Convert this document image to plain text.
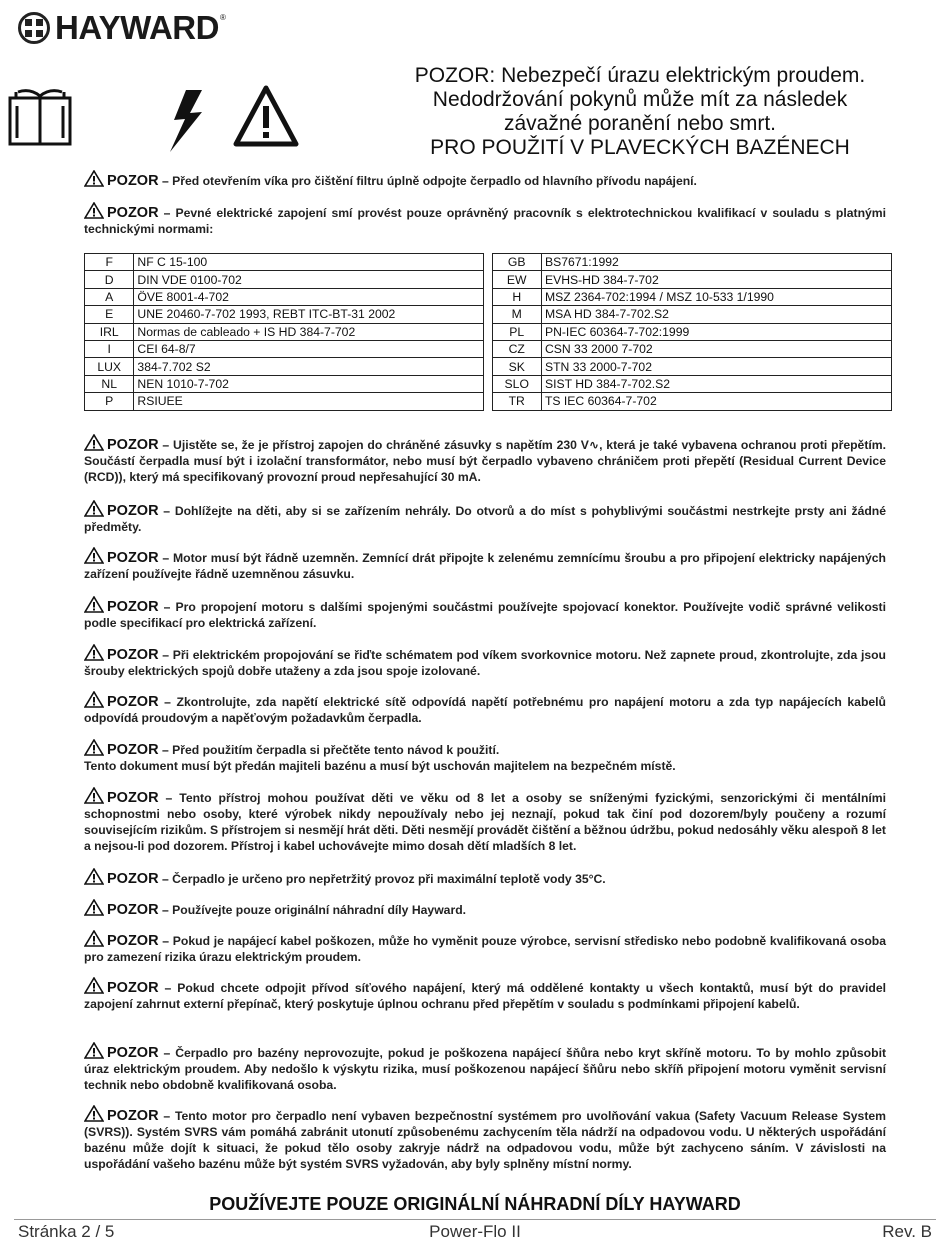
HAYWARD ®
POZOR: Nebezpečí úrazu elektrickým proudem.
Nedodržování pokynů může mít za následek
závažné poranění nebo smrt.
PRO POUŽITÍ V PLAVECKÝCH BAZÉNECH
POZOR – Před otevřením víka pro čištění filtru úplně odpojte čerpadlo od hlavního přívodu napájení.
POZOR – Pevné elektrické zapojení smí provést pouze oprávněný pracovník s elektrotechnickou kvalifikací v souladu s platnými technickými normami:
F	NF C 15-100		GB	BS7671:1992
D	DIN VDE 0100-702		EW	EVHS-HD 384-7-702
A	ÖVE 8001-4-702		H	MSZ 2364-702:1994 / MSZ 10-533 1/1990
E	UNE 20460-7-702 1993, REBT ITC-BT-31 2002		M	MSA HD 384-7-702.S2
IRL	Normas de cableado + IS HD 384-7-702		PL	PN-IEC 60364-7-702:1999
I	CEI 64-8/7		CZ	CSN 33 2000 7-702
LUX	384-7.702 S2		SK	STN 33 2000-7-702
NL	NEN 1010-7-702		SLO	SIST HD 384-7-702.S2
P	RSIUEE		TR	TS IEC 60364-7-702
POZOR – Ujistěte se, že je přístroj zapojen do chráněné zásuvky s napětím 230 V∿, která je také vybavena ochranou proti přepětím. Součástí čerpadla musí být i izolační transformátor, nebo musí být čerpadlo vybaveno chráničem proti přepětí (Residual Current Device (RCD)), který má specifikovaný provozní proud nepřesahující 30 mA.
POZOR – Dohlížejte na děti, aby si se zařízením nehrály. Do otvorů a do míst s pohyblivými součástmi nestrkejte prsty ani žádné předměty.
POZOR – Motor musí být řádně uzemněn. Zemnící drát připojte k zelenému zemnícímu šroubu a pro připojení elektricky napájených zařízení používejte řádně uzemněnou zásuvku.
POZOR – Pro propojení motoru s dalšími spojenými součástmi používejte spojovací konektor. Používejte vodič správné velikosti podle specifikací pro elektrická zařízení.
POZOR – Při elektrickém propojování se řiďte schématem pod víkem svorkovnice motoru. Než zapnete proud, zkontrolujte, zda jsou šrouby elektrických spojů dobře utaženy a zda jsou spoje izolované.
POZOR – Zkontrolujte, zda napětí elektrické sítě odpovídá napětí potřebnému pro napájení motoru a zda typ napájecích kabelů odpovídá proudovým a napěťovým požadavkům čerpadla.
POZOR – Před použitím čerpadla si přečtěte tento návod k použití.
Tento dokument musí být předán majiteli bazénu a musí být uschován majitelem na bezpečném místě.
POZOR – Tento přístroj mohou používat děti ve věku od 8 let a osoby se sníženými fyzickými, senzorickými či mentálními schopnostmi nebo osoby, které výrobek nikdy nepoužívaly nebo jej neznají, pokud tak činí pod dozorem/byly poučeny a rozumí souvisejícím rizikům. S přístrojem si nesmějí hrát děti. Děti nesmějí provádět čištění a běžnou údržbu, pokud nedosáhly věku alespoň 8 let a nejsou-li pod dozorem. Přístroj i kabel uchovávejte mimo dosah dětí mladších 8 let.
POZOR – Čerpadlo je určeno pro nepřetržitý provoz při maximální teplotě vody 35°C.
POZOR – Používejte pouze originální náhradní díly Hayward.
POZOR – Pokud je napájecí kabel poškozen, může ho vyměnit pouze výrobce, servisní středisko nebo podobně kvalifikovaná osoba pro zamezení rizika úrazu elektrickým proudem.
POZOR – Pokud chcete odpojit přívod síťového napájení, který má oddělené kontakty u všech kontaktů, musí být do pravidel zapojení zahrnut externí přepínač, který poskytuje úplnou ochranu před přepětím v souladu s podmínkami připojení kabelů.
POZOR – Čerpadlo pro bazény neprovozujte, pokud je poškozena napájecí šňůra nebo kryt skříně motoru. To by mohlo způsobit úraz elektrickým proudem. Aby nedošlo k výskytu rizika, musí poškozenou napájecí šňůru nebo skříň připojení motoru vyměnit servisní technik nebo obdobně kvalifikovaná osoba.
POZOR – Tento motor pro čerpadlo není vybaven bezpečnostní systémem pro uvolňování vakua (Safety Vacuum Release System (SVRS)). Systém SVRS vám pomáhá zabránit utonutí způsobenému zachycením těla nádrží na odpadovou vodu. U některých uspořádání bazénu může dojít k situaci, že pokud tělo osoby zakryje nádrž na odpadovou vodu, může být zachyceno sáním. V závislosti na uspořádání vašeho bazénu může být systém SVRS vyžadován, aby byly splněny místní normy.
POUŽÍVEJTE POUZE ORIGINÁLNÍ NÁHRADNÍ DÍLY HAYWARD
Stránka 2 / 5	Power-Flo II	Rev. B
